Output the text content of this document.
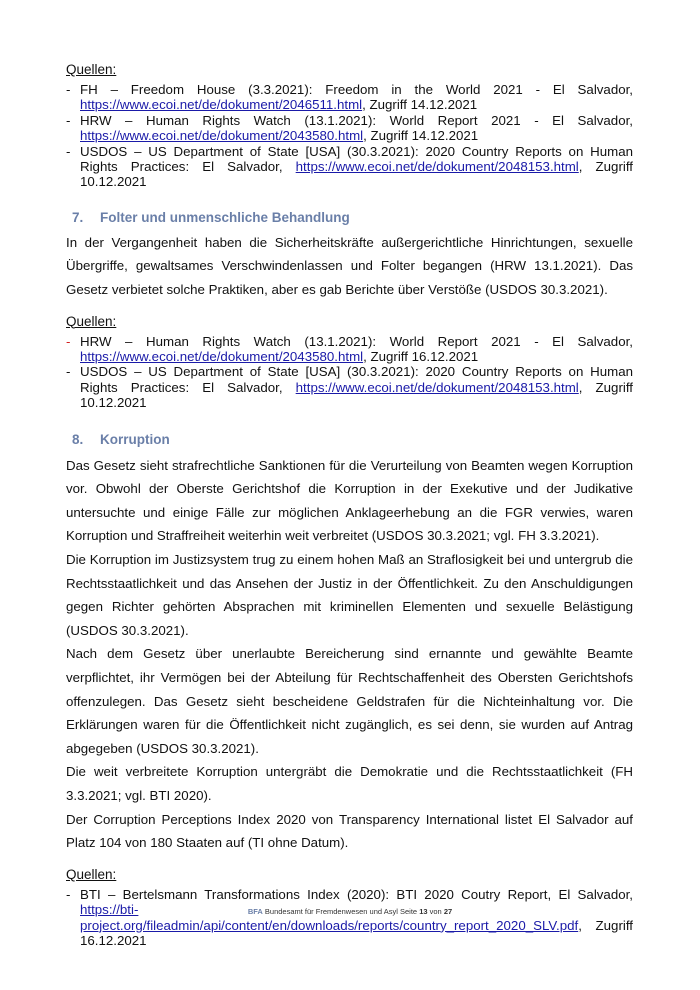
Quellen:
- FH – Freedom House (3.3.2021): Freedom in the World 2021 - El Salvador, https://www.ecoi.net/de/dokument/2046511.html, Zugriff 14.12.2021
- HRW – Human Rights Watch (13.1.2021): World Report 2021 - El Salvador, https://www.ecoi.net/de/dokument/2043580.html, Zugriff 14.12.2021
- USDOS – US Department of State [USA] (30.3.2021): 2020 Country Reports on Human Rights Practices: El Salvador, https://www.ecoi.net/de/dokument/2048153.html, Zugriff 10.12.2021
7. Folter und unmenschliche Behandlung

In der Vergangenheit haben die Sicherheitskräfte außergerichtliche Hinrichtungen, sexuelle Übergriffe, gewaltsames Verschwindenlassen und Folter begangen (HRW 13.1.2021). Das Gesetz verbietet solche Praktiken, aber es gab Berichte über Verstöße (USDOS 30.3.2021).

Quellen:
- HRW – Human Rights Watch (13.1.2021): World Report 2021 - El Salvador, https://www.ecoi.net/de/dokument/2043580.html, Zugriff 16.12.2021
- USDOS – US Department of State [USA] (30.3.2021): 2020 Country Reports on Human Rights Practices: El Salvador, https://www.ecoi.net/de/dokument/2048153.html, Zugriff 10.12.2021
8. Korruption

Das Gesetz sieht strafrechtliche Sanktionen für die Verurteilung von Beamten wegen Korruption vor. Obwohl der Oberste Gerichtshof die Korruption in der Exekutive und der Judikative untersuchte und einige Fälle zur möglichen Anklageerhebung an die FGR verwies, waren Korruption und Straffreiheit weiterhin weit verbreitet (USDOS 30.3.2021; vgl. FH 3.3.2021).

Die Korruption im Justizsystem trug zu einem hohen Maß an Straflosigkeit bei und untergrub die Rechtsstaatlichkeit und das Ansehen der Justiz in der Öffentlichkeit. Zu den Anschuldigungen gegen Richter gehörten Absprachen mit kriminellen Elementen und sexuelle Belästigung (USDOS 30.3.2021).

Nach dem Gesetz über unerlaubte Bereicherung sind ernannte und gewählte Beamte verpflichtet, ihr Vermögen bei der Abteilung für Rechtschaffenheit des Obersten Gerichtshofs offenzulegen. Das Gesetz sieht bescheidene Geldstrafen für die Nichteinhaltung vor. Die Erklärungen waren für die Öffentlichkeit nicht zugänglich, es sei denn, sie wurden auf Antrag abgegeben (USDOS 30.3.2021).

Die weit verbreitete Korruption untergräbt die Demokratie und die Rechtsstaatlichkeit (FH 3.3.2021; vgl. BTI 2020).

Der Corruption Perceptions Index 2020 von Transparency International listet El Salvador auf Platz 104 von 180 Staaten auf (TI ohne Datum).

Quellen:
- BTI – Bertelsmann Transformations Index (2020): BTI 2020 Coutry Report, El Salvador, https://bti-project.org/fileadmin/api/content/en/downloads/reports/country_report_2020_SLV.pdf, Zugriff 16.12.2021
BFA Bundesamt für Fremdenwesen und Asyl Seite 13 von 27
